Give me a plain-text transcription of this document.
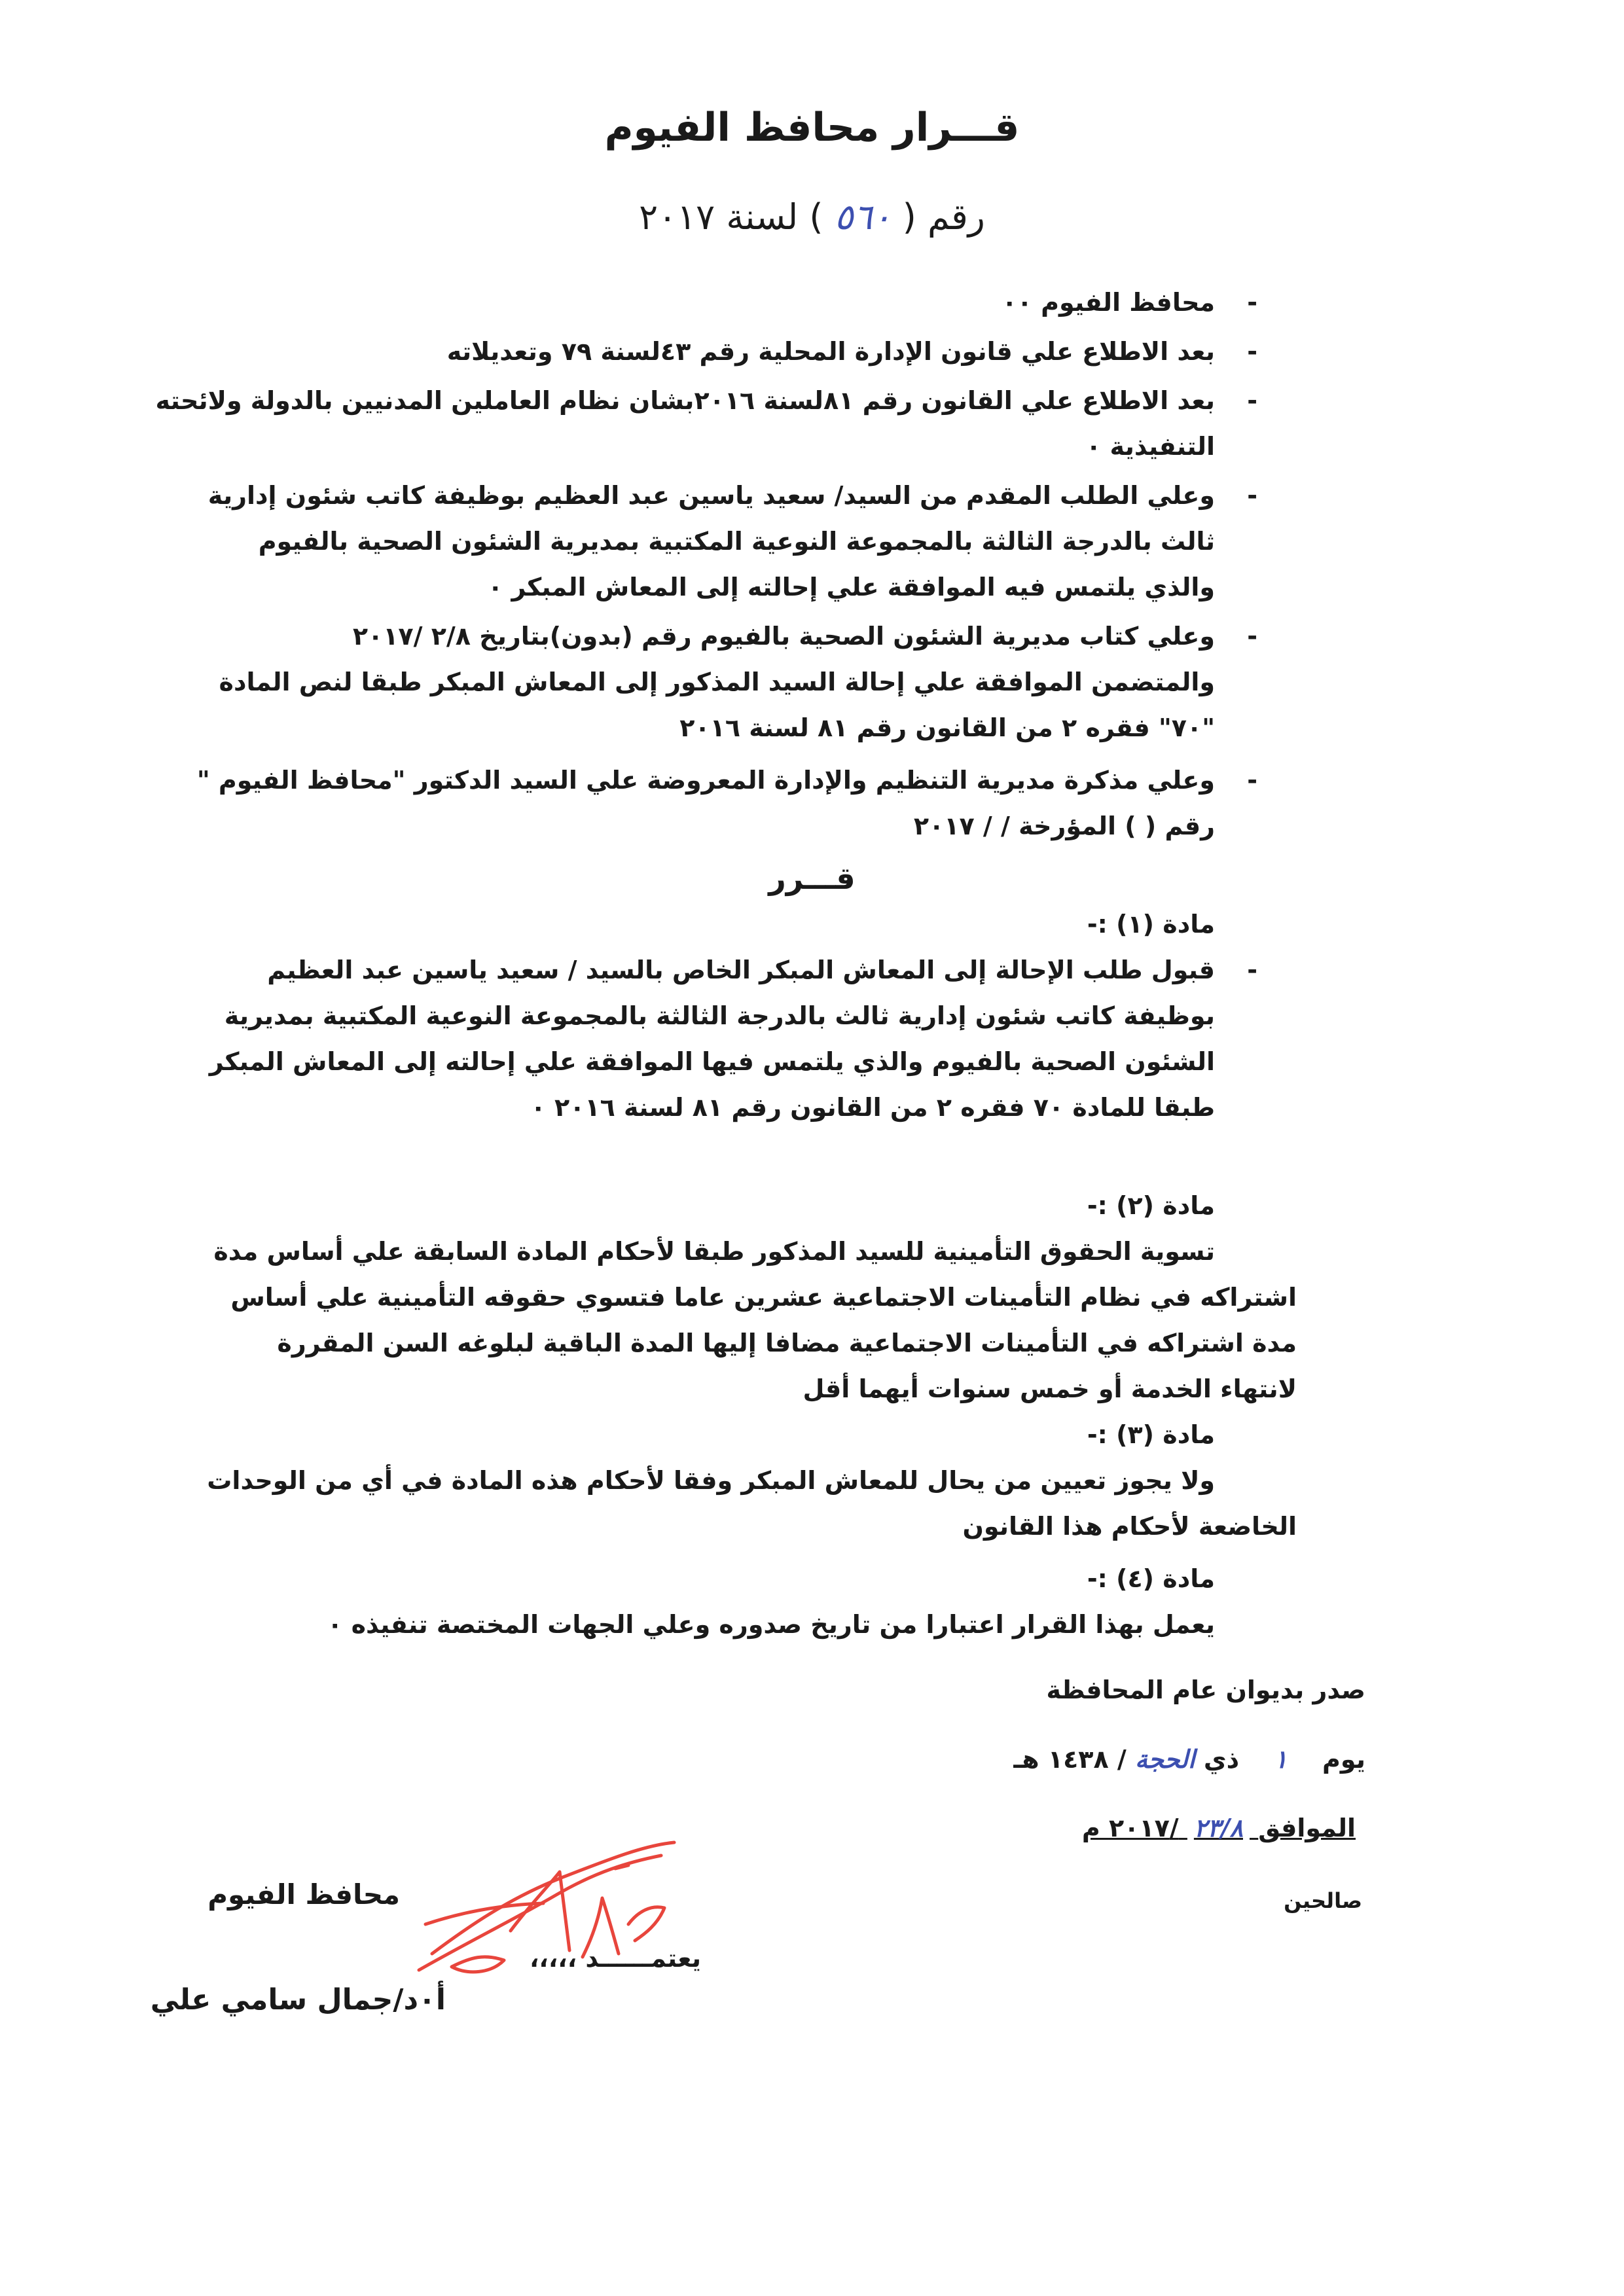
قـــرار محافظ الفيوم
رقم ( ٥٦٠ ) لسنة ٢٠١٧
-
محافظ الفيوم ٠٠
-
بعد الاطلاع علي قانون الإدارة المحلية رقم ٤٣لسنة ٧٩ وتعديلاته
-
بعد الاطلاع علي القانون رقم ٨١لسنة ٢٠١٦بشان نظام العاملين المدنيين بالدولة ولائحته
التنفيذية ٠
-
وعلي الطلب المقدم من السيد/ سعيد ياسين عبد العظيم بوظيفة كاتب شئون إدارية
ثالث بالدرجة الثالثة بالمجموعة النوعية المكتبية بمديرية الشئون الصحية بالفيوم
والذي يلتمس فيه الموافقة علي إحالته إلى المعاش المبكر ٠
-
وعلي كتاب مديرية الشئون الصحية بالفيوم رقم (بدون)بتاريخ ٢/٨ /٢٠١٧
والمتضمن الموافقة علي إحالة السيد المذكور إلى المعاش المبكر طبقا لنص المادة
"٧٠" فقره ٢ من القانون رقم ٨١ لسنة ٢٠١٦
-
وعلي مذكرة مديرية التنظيم والإدارة المعروضة علي السيد الدكتور "محافظ الفيوم "
رقم ( ) المؤرخة / / ٢٠١٧
قـــرر
مادة (١) :-
-
قبول طلب الإحالة إلى المعاش المبكر الخاص بالسيد / سعيد ياسين عبد العظيم
بوظيفة كاتب شئون إدارية ثالث بالدرجة الثالثة بالمجموعة النوعية المكتبية بمديرية
الشئون الصحية بالفيوم والذي يلتمس فيها الموافقة علي إحالته إلى المعاش المبكر
طبقا للمادة ٧٠ فقره ٢ من القانون رقم ٨١ لسنة ٢٠١٦ ٠
مادة (٢) :-
تسوية الحقوق التأمينية للسيد المذكور طبقا لأحكام المادة السابقة علي أساس مدة
اشتراكه في نظام التأمينات الاجتماعية عشرين عاما فتسوي حقوقه التأمينية علي أساس
مدة اشتراكه في التأمينات الاجتماعية مضافا إليها المدة الباقية لبلوغه السن المقررة
لانتهاء الخدمة أو خمس سنوات أيهما أقل
مادة (٣) :-
ولا يجوز تعيين من يحال للمعاش المبكر وفقا لأحكام هذه المادة في أي من الوحدات
الخاضعة لأحكام هذا القانون
مادة (٤) :-
يعمل بهذا القرار اعتبارا من تاريخ صدوره وعلي الجهات المختصة تنفيذه ٠
صدر بديوان عام المحافظة
يوم ١ ذي الحجة / ١٤٣٨ هـ
الموافق ٢٣/٨ /٢٠١٧ م
صالحين
محافظ الفيوم
يعتمــــــد ،،،،،
أ٠د/جمال سامي علي
